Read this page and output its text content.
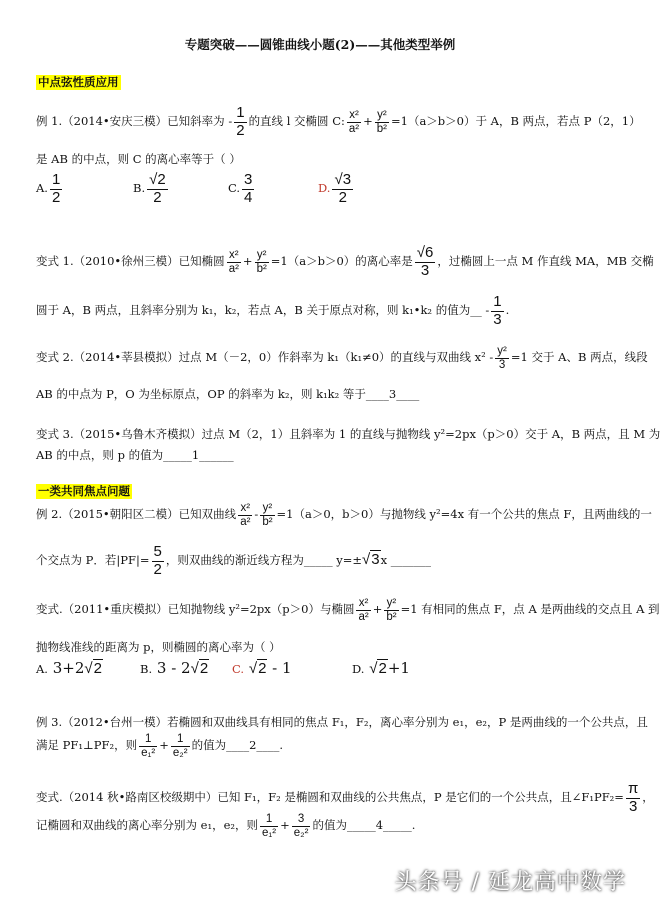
专题突破——圆锥曲线小题(2)——其他类型举例
中点弦性质应用
例 1.（2014•安庆三模）已知斜率为 - $\frac{1}{2}$ 的直线 l 交椭圆 C: $\frac{\text{x²}}{\text{a²}} + \frac{\text{y²}}{\text{b²}} =1(a>b>0)$于 A，B 两点，若点 P（2，1）
是 AB 的中点，则 C 的离心率等于（ ）
A. $\frac{1}{2}$	B. $\frac{√2}{2}$	C. $\frac{3}{4}$	D. $\frac{√3}{2}$
变式 1.（2010•徐州三模）已知椭圆 $\frac{\text{x²}}{\text{a²}} + \frac{\text{y²}}{\text{b²}} =1(a>b>0)$的离心率是 $\frac{√6}{3}$ ，过椭圆上一点 M 作直线 MA，MB 交椭
圆于 A，B 两点，且斜率分别为 k₁，k₂，若点 A，B 关于原点对称，则 k₁•k₂ 的值为__ - $\frac{1}{3}$ .
变式 2.（2014•莘县模拟）过点 M（－2，0）作斜率为 k₁（k₁≠0）的直线与双曲线 $x^2 - \frac{\text{y²}}{3} =1$ 交于 A、B 两点，线段
AB 的中点为 P，O 为坐标原点，OP 的斜率为 k₂，则 k₁k₂ 等于____3____
变式 3.（2015•乌鲁木齐模拟）过点 M（2，1）且斜率为 1 的直线与抛物线 y²=2px（p＞0）交于 A，B 两点，且 M 为
AB 的中点，则 p 的值为_____1______
一类共同焦点问题
例 2.（2015•朝阳区二模）已知双曲线 $\frac{\text{x²}}{\text{a²}} - \frac{\text{y²}}{\text{b²}} =1(a>0$，b＞0）与抛物线 y²=4x 有一个公共的焦点 F，且两曲线的一
个交点为 P．若$|PF|= \frac{5}{2}$ ，则双曲线的渐近线方程为_____ y=±√3x _______
变式.（2011•重庆模拟）已知抛物线 y²=2px（p＞0）与椭圆 $\frac{\text{x²}}{\text{a²}} + \frac{\text{y²}}{\text{b²}} =1$ 有相同的焦点 F，点 A 是两曲线的交点且 A 到
抛物线准线的距离为 p，则椭圆的离心率为（ ）
A. 3+2√2	B. 3 - 2√2 C. √2 - 1	D. √2+1
例 3.（2012•台州一模）若椭圆和双曲线具有相同的焦点 F₁，F₂，离心率分别为 e₁，e₂，P 是两曲线的一个公共点，且
满足 PF₁⊥PF₂，则 $\frac{1}{\text{e₁²}} + \frac{1}{\text{e₂²}}$ 的值为____2____.
变式.（2014 秋•路南区校级期中）已知 F₁，F₂ 是椭圆和双曲线的公共焦点，P 是它们的一个公共点，且∠F₁PF₂= $\frac{\pi}{3}$ ，
记椭圆和双曲线的离心率分别为 e₁，e₂，则 $\frac{1}{\text{e₁²}} + \frac{3}{\text{e₂²}}$ 的值为_____4_____.
头条号 / 延龙高中数学
